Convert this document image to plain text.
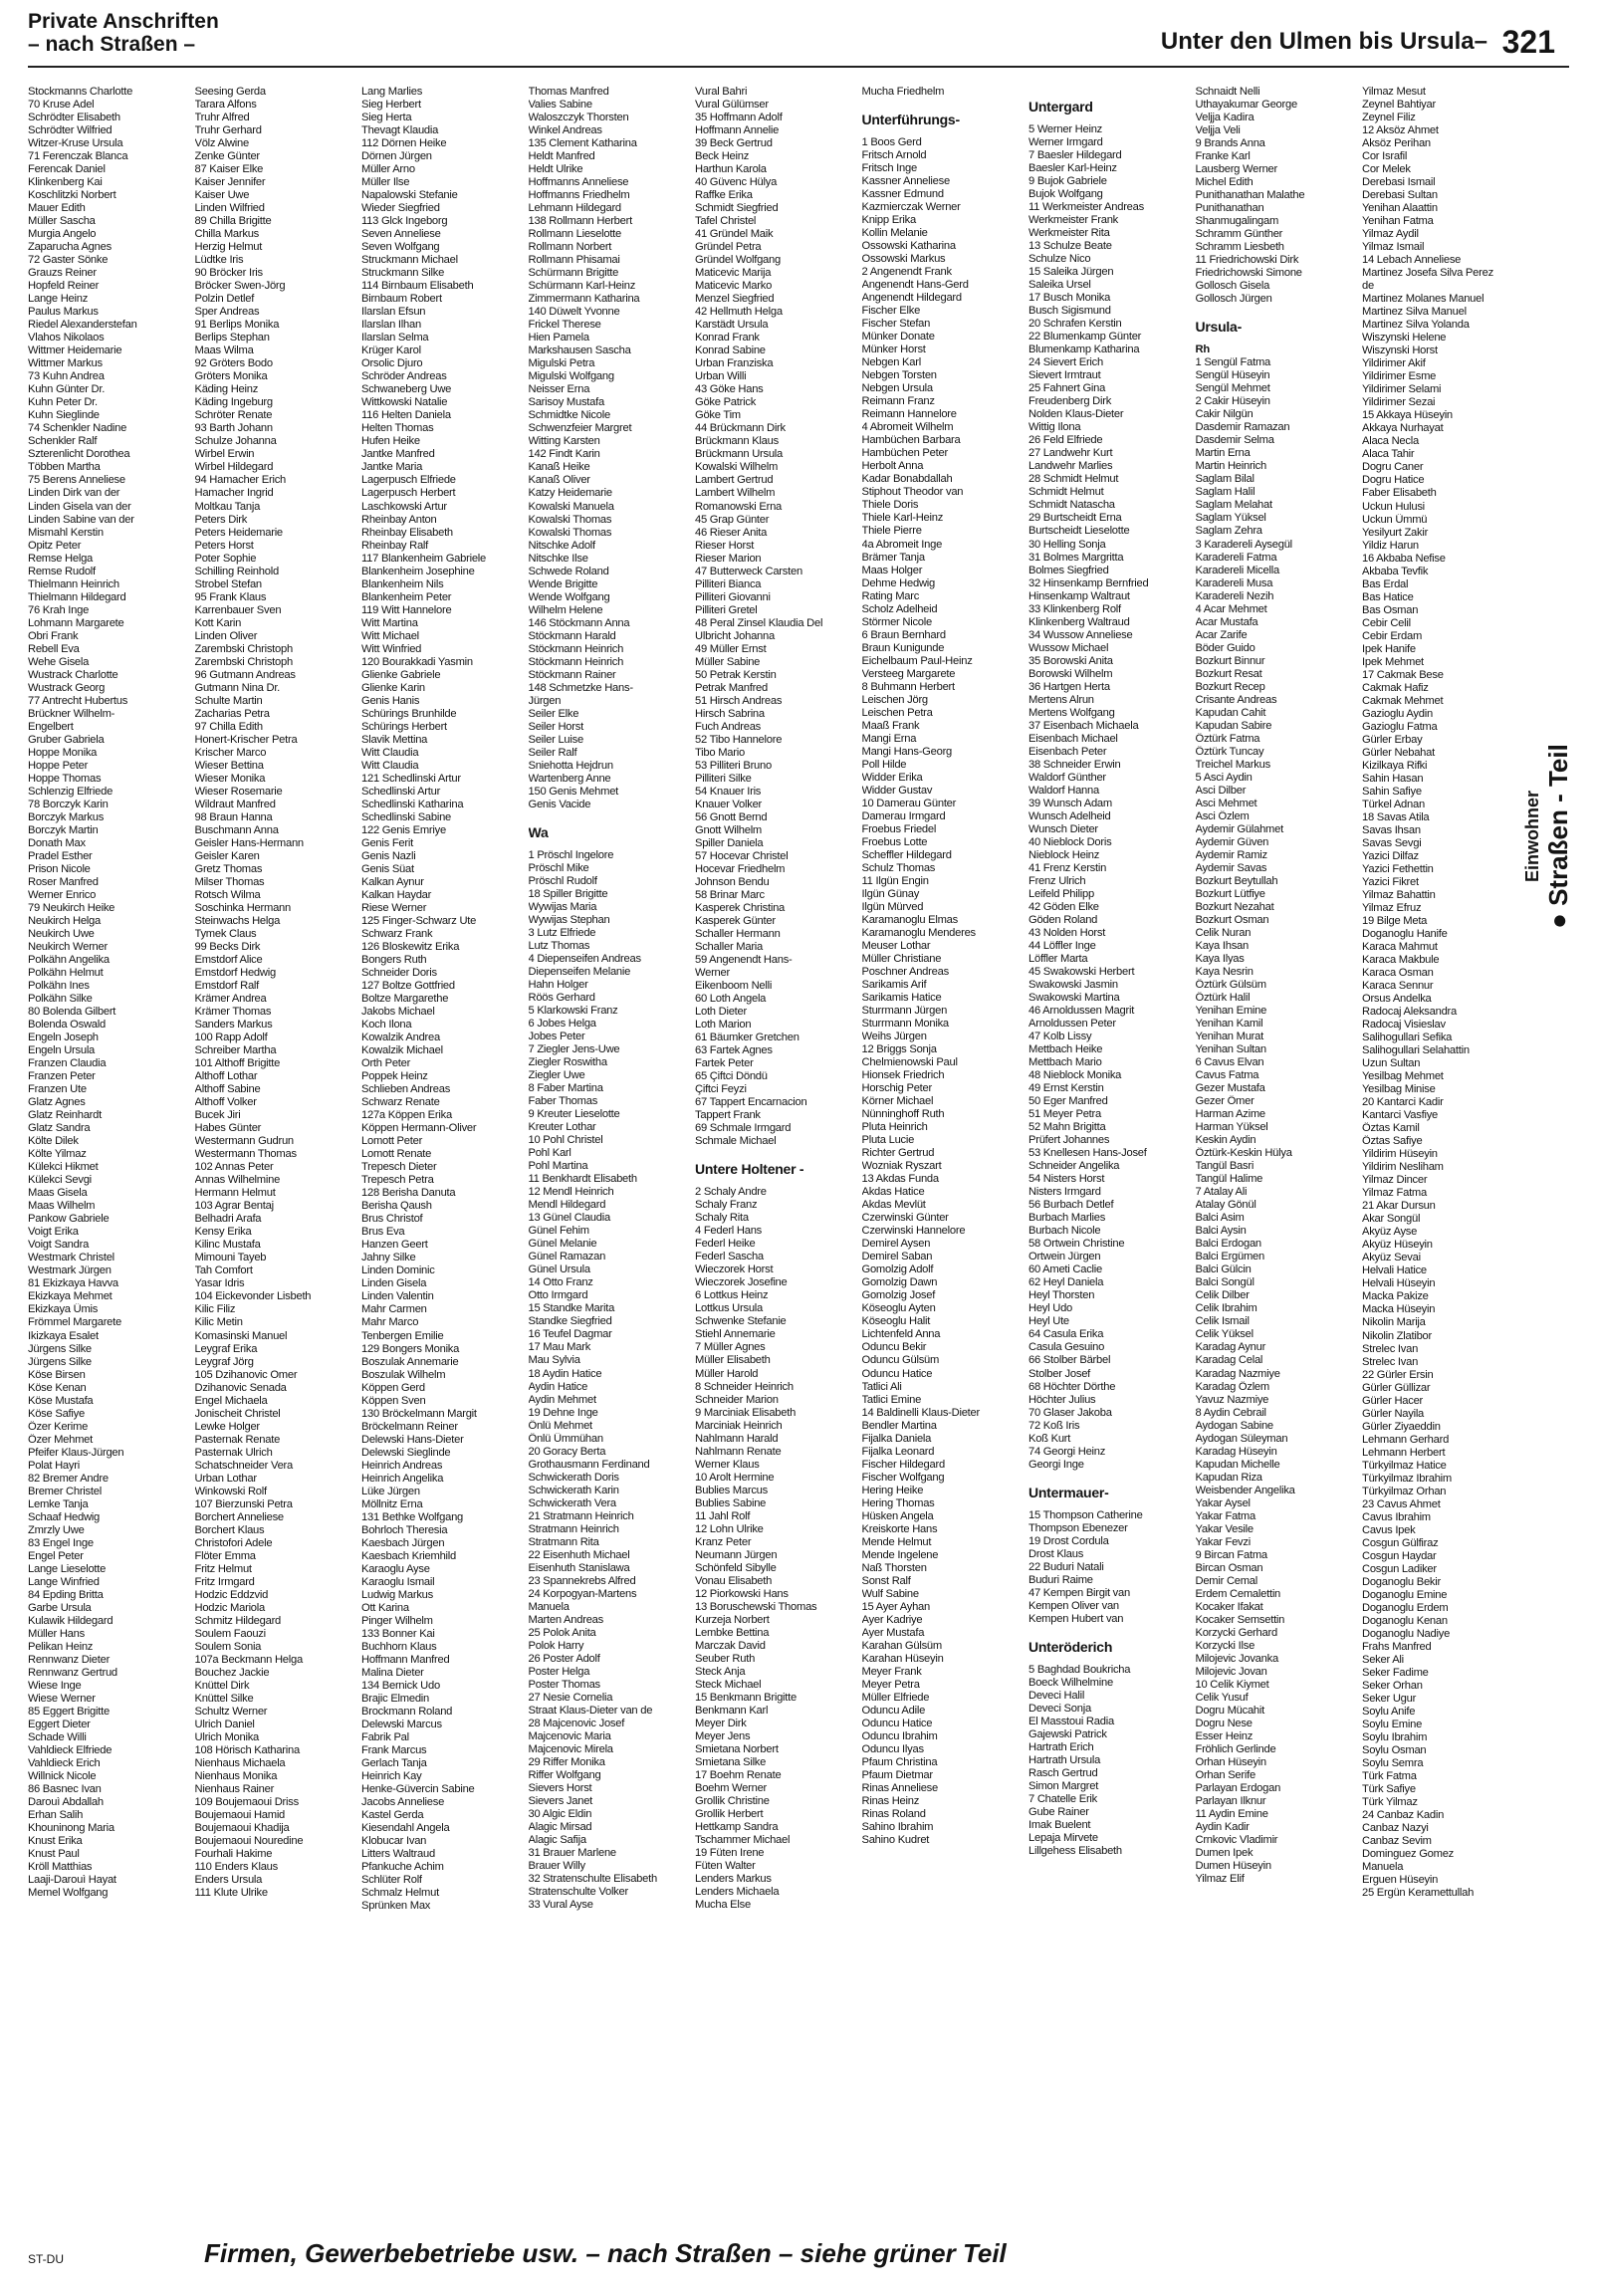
Private Anschriften
– nach Straßen –	Unter den Ulmen bis Ursula– 321
Stockmanns Charlotte
70 Kruse Adel
Schrödter Elisabeth
Schrödter Wilfried
Witzer-Kruse Ursula
71 Ferenczak Blanca
Ferencak Daniel
Klinkenberg Kai
Koschlitzki Norbert
Mauer Edith
Müller Sascha
Murgia Angelo
Zaparucha Agnes
72 Gaster Sönke
Grauzs Reiner
Hopfeld Reiner
Lange Heinz
Paulus Markus
Riedel Alexanderstefan
Vlahos Nikolaos
Wittmer Heidemarie
Wittmer Markus
73 Kuhn Andrea
Kuhn Günter Dr.
Kuhn Peter Dr.
Kuhn Sieglinde
74 Schenkler Nadine
Schenkler Ralf
Szterenlicht Dorothea
Többen Martha
75 Berens Anneliese
Linden Dirk van der
Linden Gisela van der
Linden Sabine van der
Mismahl Kerstin
Opitz Peter
Remse Helga
Remse Rudolf
Thielmann Heinrich
Thielmann Hildegard
76 Krah Inge
Lohmann Margarete
Obri Frank
Rebell Eva
Wehe Gisela
Wustrack Charlotte
Wustrack Georg
77 Antrecht Hubertus
Brückner Wilhelm-
Engelbert
Gruber Gabriela
Hoppe Monika
Hoppe Peter
Hoppe Thomas
Schlenzig Elfriede
78 Borczyk Karin
Borczyk Markus
Borczyk Martin
Donath Max
Pradel Esther
Prison Nicole
Roser Manfred
Werner Enrico
79 Neukirch Heike
Neukirch Helga
Neukirch Uwe
Neukirch Werner
Polkähn Angelika
Polkähn Helmut
Polkähn Ines
Polkähn Silke
80 Bolenda Gilbert
Bolenda Oswald
Engeln Joseph
Engeln Ursula
Franzen Claudia
Franzen Peter
Franzen Ute
Glatz Agnes
Glatz Reinhardt
Glatz Sandra
Költe Dilek
Költe Yilmaz
Külekci Hikmet
Külekci Sevgi
Maas Gisela
Maas Wilhelm
Pankow Gabriele
Voigt Erika
Voigt Sandra
Westmark Christel
Westmark Jürgen
81 Ekizkaya Havva
Ekizkaya Mehmet
Ekizkaya Ümis
Frömmel Margarete
Ikizkaya Esalet
Jürgens Silke
Jürgens Silke
Köse Birsen
Köse Kenan
Köse Mustafa
Köse Safiye
Özer Kerime
Özer Mehmet
Pfeifer Klaus-Jürgen
Polat Hayri
82 Bremer Andre
Bremer Christel
Lemke Tanja
Schaaf Hedwig
Zmrzly Uwe
83 Engel Inge
Engel Peter
Lange Lieselotte
Lange Winfried
84 Epding Britta
Garbe Ursula
Kulawik Hildegard
Müller Hans
Pelikan Heinz
Rennwanz Dieter
Rennwanz Gertrud
Wiese Inge
Wiese Werner
85 Eggert Brigitte
Eggert Dieter
Schade Willi
Vahldieck Elfriede
Vahldieck Erich
Willnick Nicole
86 Basnec Ivan
Darouì Abdallah
Erhan Salih
Khouninong Maria
Knust Erika
Knust Paul
Kröll Matthias
Laaji-Darouì Hayat
Memel Wolfgang
Seesing Gerda
Tarara Alfons
Truhr Alfred
Truhr Gerhard
Völz Alwine
Zenke Günter
87 Kaiser Elke
Kaiser Jennifer
Kaiser Uwe
Linden Wilfried
89 Chilla Brigitte
Chilla Markus
Herzig Helmut
Lüdtke Iris
90 Bröcker Iris
Bröcker Swen-Jörg
Polzin Detlef
Sper Andreas
91 Berlips Monika
Berlips Stephan
Maas Wilma
92 Gröters Bodo
Gröters Monika
Käding Heinz
Käding Ingeburg
Schröter Renate
93 Barth Johann
Schulze Johanna
Wirbel Erwin
Wirbel Hildegard
94 Hamacher Erich
Hamacher Ingrid
Moltkau Tanja
Peters Dirk
Peters Heidemarie
Peters Horst
Poter Sophie
Schilling Reinhold
Strobel Stefan
95 Frank Klaus
Karrenbauer Sven
Kott Karin
Linden Oliver
Zarembski Christoph
Zarembski Christoph
96 Gutmann Andreas
Gutmann Nina Dr.
Schulte Martin
Zacharias Petra
97 Chilla Edith
Honert-Krischer Petra
Krischer Marco
Wieser Bettina
Wieser Monika
Wieser Rosemarie
Wildraut Manfred
98 Braun Hanna
Buschmann Anna
Geisler Hans-Hermann
Geisler Karen
Gretz Thomas
Milser Thomas
Rotsch Wilma
Soschinka Hermann
Steinwachs Helga
Tymek Claus
99 Becks Dirk
Emstdorf Alice
Emstdorf Hedwig
Emstdorf Ralf
Krämer Andrea
Krämer Thomas
Sanders Markus
100 Rapp Adolf
Schreiber Martha
101 Althoff Brigitte
Althoff Lothar
Althoff Sabine
Althoff Volker
Bucek Jiri
Habes Günter
Westermann Gudrun
Westermann Thomas
102 Annas Peter
Annas Wilhelmine
Hermann Helmut
103 Agrar Bentaj
Belhadri Arafa
Kensy Erika
Kilinc Mustafa
Mimouni Tayeb
Tah Comfort
Yasar Idris
104 Eickevonder Lisbeth
Kilic Filiz
Kilic Metin
Komasinski Manuel
Leygraf Erika
Leygraf Jörg
105 Dzihanovic Omer
Dzihanovic Senada
Engel Michaela
Jonischeit Christel
Lewke Holger
Pasternak Renate
Pasternak Ulrich
Schatschneider Vera
Urban Lothar
Winkowski Rolf
107 Bierzunski Petra
Borchert Anneliese
Borchert Klaus
Christofori Adele
Flöter Emma
Fritz Helmut
Fritz Irmgard
Hodzic Eddzvid
Hodzic Mariola
Schmitz Hildegard
Soulem Faouzi
Soulem Sonia
107a Beckmann Helga
Bouchez Jackie
Knüttel Dirk
Knüttel Silke
Schultz Werner
Ulrich Daniel
Ulrich Monika
108 Hörisch Katharina
Nienhaus Michaela
Nienhaus Monika
Nienhaus Rainer
109 Boujemaoui Driss
Boujemaoui Hamid
Boujemaoui Khadija
Boujemaoui Nouredine
Fourhali Hakime
110 Enders Klaus
Enders Ursula
111 Klute Ulrike
Lang Marlies
Sieg Herbert
Sieg Herta
Thevagt Klaudia
112 Dörnen Heike
Dörnen Jürgen
Müller Arno
Müller Ilse
Napalowski Stefanie
Wieder Siegfried
113 Glck Ingeborg
Seven Anneliese
Seven Wolfgang
Struckmann Michael
Struckmann Silke
114 Birnbaum Elisabeth
Birnbaum Robert
Ilarslan Efsun
Ilarslan Ilhan
Ilarslan Selma
Krüger Karol
Orsolic Djuro
Schröder Andreas
Schwaneberg Uwe
Wittkowski Natalie
116 Helten Daniela
Helten Thomas
Hufen Heike
Jantke Manfred
Jantke Maria
Lagerpusch Elfriede
Lagerpusch Herbert
Laschkowski Artur
Rheinbay Anton
Rheinbay Elisabeth
Rheinbay Ralf
117 Blankenheim Gabriele
Blankenheim Josephine
Blankenheim Nils
Blankenheim Peter
119 Witt Hannelore
Witt Martina
Witt Michael
Witt Winfried
120 Bourakkadi Yasmin
Glienke Gabriele
Glienke Karin
Genis Hanis
Schürings Brunhilde
Schürings Herbert
Slavik Mettina
Witt Claudia
Witt Claudia
121 Schedlinski Artur
Schedlinski Artur
Schedlinski Katharina
Schedlinski Sabine
122 Genis Emriye
Genis Ferit
Genis Nazli
Genis Süat
Kalkan Aynur
Kalkan Haydar
Riese Werner
125 Finger-Schwarz Ute
Schwarz Frank
126 Bloskewitz Erika
Bongers Ruth
Schneider Doris
127 Boltze Gottfried
Boltze Margarethe
Jakobs Michael
Koch Ilona
Kowalzik Andrea
Kowalzik Michael
Orth Peter
Poppek Heinz
Schlieben Andreas
Schwarz Renate
127a Köppen Erika
Köppen Hermann-Oliver
Lomott Peter
Lomott Renate
Trepesch Dieter
Trepesch Petra
128 Berisha Danuta
Berisha Qaush
Brus Christof
Brus Eva
Hanzen Geert
Jahny Silke
Linden Dominic
Linden Gisela
Linden Valentin
Mahr Carmen
Mahr Marco
Tenbergen Emilie
129 Bongers Monika
Boszulak Annemarie
Boszulak Wilhelm
Köppen Gerd
Köppen Sven
130 Bröckelmann Margit
Bröckelmann Reiner
Delewski Hans-Dieter
Delewski Sieglinde
Heinrich Andreas
Heinrich Angelika
Lüke Jürgen
Möllnitz Erna
131 Bethke Wolfgang
Bohrloch Theresia
Kaesbach Jürgen
Kaesbach Kriemhild
Karaoglu Ayse
Karaoglu Ismail
Ludwig Markus
Ott Karina
Pinger Wilhelm
133 Bonner Kai
Buchhorn Klaus
Hoffmann Manfred
Malina Dieter
134 Bernick Udo
Brajic Elmedin
Brockmann Roland
Delewski Marcus
Fabrik Pal
Frank Marcus
Gerlach Tanja
Heinrich Kay
Henke-Güvercin Sabine
Jacobs Anneliese
Kastel Gerda
Kiesendahl Angela
Klobucar Ivan
Litters Waltraud
Pfankuche Achim
Schlüter Rolf
Schmalz Helmut
Sprünken Max
Thomas Manfred
Valies Sabine
Waloszczyk Thorsten
Winkel Andreas
135 Clement Katharina
Heldt Manfred
Heldt Ulrike
Hoffmanns Anneliese
Hoffmanns Friedhelm
Lehmann Hildegard
138 Rollmann Herbert
Rollmann Lieselotte
Rollmann Norbert
Rollmann Phisamai
Schürmann Brigitte
Schürmann Karl-Heinz
Zimmermann Katharina
140 Düwelt Yvonne
Frickel Therese
Hien Pamela
Markshausen Sascha
Migulski Petra
Migulski Wolfgang
Neisser Erna
Sarisoy Mustafa
Schmidtke Nicole
Schwenzfeier Margret
Witting Karsten
142 Findt Karin
Kanaß Heike
Kanaß Oliver
Katzy Heidemarie
Kowalski Manuela
Kowalski Thomas
Kowalski Thomas
Nitschke Adolf
Nitschke Ilse
Schwede Roland
Wende Brigitte
Wende Wolfgang
Wilhelm Helene
146 Stöckmann Anna
Stöckmann Harald
Stöckmann Heinrich
Stöckmann Heinrich
Stöckmann Rainer
148 Schmetzke Hans-
Jürgen
Seiler Elke
Seiler Horst
Seiler Luise
Seiler Ralf
Sniehotta Hejdrun
Wartenberg Anne
150 Genis Mehmet
Genis Vacide
Wa
1 Pröschl Ingelore
Pröschl Mike
Pröschl Rudolf
18 Spiller Brigitte
Wywijas Maria
Wywijas Stephan
3 Lutz Elfriede
Lutz Thomas
4 Diepenseifen Andreas
Diepenseifen Melanie
Hahn Holger
Röös Gerhard
5 Klarkowski Franz
6 Jobes Helga
Jobes Peter
7 Ziegler Jens-Uwe
Ziegler Roswitha
Ziegler Uwe
8 Faber Martina
Faber Thomas
9 Kreuter Lieselotte
Kreuter Lothar
10 Pohl Christel
Pohl Karl
Pohl Martina
11 Benkhardt Elisabeth
12 Mendl Heinrich
Mendl Hildegard
13 Günel Claudia
Günel Fehim
Günel Melanie
Günel Ramazan
Günel Ursula
14 Otto Franz
Otto Irmgard
15 Standke Marita
Standke Siegfried
16 Teufel Dagmar
17 Mau Mark
Mau Sylvia
18 Aydin Hatice
Aydin Hatice
Aydin Mehmet
19 Dehne Inge
Önlü Mehmet
Önlü Ümmühan
20 Goracy Berta
Grothausmann Ferdinand
Schwickerath Doris
Schwickerath Karin
Schwickerath Vera
21 Stratmann Heinrich
Stratmann Heinrich
Stratmann Rita
22 Eisenhuth Michael
Eisenhuth Stanislawa
23 Spannekrebs Alfred
24 Korpogyan-Martens
Manuela
Marten Andreas
25 Polok Anita
Polok Harry
26 Poster Adolf
Poster Helga
Poster Thomas
27 Nesie Cornelia
Straat Klaus-Dieter van de
28 Majcenovic Josef
Majcenovic Maria
Majcenovic Mirela
29 Riffer Monika
Riffer Wolfgang
Sievers Horst
Sievers Janet
30 Algic Eldin
Alagic Mirsad
Alagic Safija
31 Brauer Marlene
Brauer Willy
32 Stratenschulte Elisabeth
Stratenschulte Volker
33 Vural Ayse
Vural Bahri
Vural Gülümser
35 Hoffmann Adolf
Hoffmann Annelie
39 Beck Gertrud
Beck Heinz
Harthun Karola
40 Güvenc Hülya
Raffke Erika
Schmidt Siegfried
Tafel Christel
41 Gründel Maik
Gründel Petra
Gründel Wolfgang
Maticevic Marija
Maticevic Marko
Menzel Siegfried
42 Hellmuth Helga
Karstädt Ursula
Konrad Frank
Konrad Sabine
Urban Franziska
Urban Willi
43 Göke Hans
Göke Patrick
Göke Tim
44 Brückmann Dirk
Brückmann Klaus
Brückmann Ursula
Kowalski Wilhelm
Lambert Gertrud
Lambert Wilhelm
Romanowski Erna
45 Grap Günter
46 Rieser Anita
Rieser Horst
Rieser Marion
47 Butterweck Carsten
Pilliteri Bianca
Pilliteri Giovanni
Pilliteri Gretel
48 Peral Zinsel Klaudia Del
Ulbricht Johanna
49 Müller Ernst
Müller Sabine
50 Petrak Kerstin
Petrak Manfred
51 Hirsch Andreas
Hirsch Sabrina
Fuch Andreas
52 Tibo Hannelore
Tibo Mario
53 Pilliteri Bruno
Pilliteri Silke
54 Knauer Iris
Knauer Volker
56 Gnott Bernd
Gnott Wilhelm
Spiller Daniela
57 Hocevar Christel
Hocevar Friedhelm
Johnson Bendu
58 Brinar Marc
Kasperek Christina
Kasperek Günter
Schaller Hermann
Schaller Maria
59 Angenendt Hans-
Werner
Eikenboom Nelli
60 Loth Angela
Loth Dieter
Loth Marion
61 Bäumker Gretchen
63 Fartek Agnes
Fartek Peter
65 Çiftci Döndü
Çiftci Feyzi
67 Tappert Encarnacion
Tappert Frank
69 Schmale Irmgard
Schmale Michael
Untere Holtener -
2 Schaly Andre
Schaly Franz
Schaly Rita
4 Federl Hans
Federl Heike
Federl Sascha
Wieczorek Horst
Wieczorek Josefine
6 Lottkus Heinz
Lottkus Ursula
Schwenke Stefanie
Stiehl Annemarie
7 Müller Agnes
Müller Elisabeth
Müller Harold
8 Schneider Heinrich
Schneider Marion
9 Marciniak Elisabeth
Marciniak Heinrich
Nahlmann Harald
Nahlmann Renate
Werner Klaus
10 Arolt Hermine
Bublies Marcus
Bublies Sabine
11 Jahl Rolf
12 Lohn Ulrike
Kranz Peter
Neumann Jürgen
Schönfeld Sibylle
Vonau Elisabeth
12 Piorkowski Hans
13 Boruschewski Thomas
Kurzeja Norbert
Lembke Bettina
Marczak David
Seuber Ruth
Steck Anja
Steck Michael
15 Benkmann Brigitte
Benkmann Karl
Meyer Dirk
Meyer Jens
Smietana Norbert
Smietana Silke
17 Boehm Renate
Boehm Werner
Grollik Christine
Grollik Herbert
Hettkamp Sandra
Tschammer Michael
19 Füten Irene
Füten Walter
Lenders Markus
Lenders Michaela
Mucha Else
Mucha Friedhelm
Unterführungs-
1 Boos Gerd
Fritsch Arnold
Fritsch Inge
Kassner Anneliese
Kassner Edmund
Kazmierczak Werner
Knipp Erika
Kollin Melanie
Ossowski Katharina
Ossowski Markus
2 Angenendt Frank
Angenendt Hans-Gerd
Angenendt Hildegard
Fischer Elke
Fischer Stefan
Münker Donate
Münker Horst
Nebgen Karl
Nebgen Torsten
Nebgen Ursula
Reimann Franz
Reimann Hannelore
4 Abromeit Wilhelm
Hambüchen Barbara
Hambüchen Peter
Herbolt Anna
Kadar Bonabdallah
Stiphout Theodor van
Thiele Doris
Thiele Karl-Heinz
Thiele Pierre
4a Abromeit Inge
Brämer Tanja
Maas Holger
Dehme Hedwig
Rating Marc
Scholz Adelheid
Störmer Nicole
6 Braun Bernhard
Braun Kunigunde
Eichelbaum Paul-Heinz
Versteeg Margarete
8 Buhmann Herbert
Leischen Jörg
Leischen Petra
Maaß Frank
Mangi Erna
Mangi Hans-Georg
Poll Hilde
Widder Erika
Widder Gustav
10 Damerau Günter
Damerau Irmgard
Froebus Friedel
Froebus Lotte
Scheffler Hildegard
Schulz Thomas
11 Ilgün Engin
Ilgün Günay
Ilgün Mürved
Karamanoglu Elmas
Karamanoglu Menderes
Meuser Lothar
Müller Christiane
Poschner Andreas
Sarikamis Arif
Sarikamis Hatice
Sturrmann Jürgen
Sturrmann Monika
Weihs Jürgen
12 Briggs Sonja
Chelmienowski Paul
Hionsek Friedrich
Horschig Peter
Körner Michael
Nünninghoff Ruth
Pluta Heinrich
Pluta Lucie
Richter Gertrud
Wozniak Ryszart
13 Akdas Funda
Akdas Hatice
Akdas Mevlüt
Czerwinski Günter
Czerwinski Hannelore
Demirel Aysen
Demirel Saban
Gomolzig Adolf
Gomolzig Dawn
Gomolzig Josef
Köseoglu Ayten
Köseoglu Halit
Lichtenfeld Anna
Oduncu Bekir
Oduncu Gülsüm
Oduncu Hatice
Tatlici Ali
Tatlici Emine
14 Baldinelli Klaus-Dieter
Bendler Martina
Fijalka Daniela
Fijalka Leonard
Fischer Hildegard
Fischer Wolfgang
Hering Heike
Hering Thomas
Hüsken Angela
Kreiskorte Hans
Mende Helmut
Mende Ingelene
Naß Thorsten
Sonst Ralf
Wulf Sabine
15 Ayer Ayhan
Ayer Kadriye
Ayer Mustafa
Karahan Gülsüm
Karahan Hüseyin
Meyer Frank
Meyer Petra
Müller Elfriede
Oduncu Adile
Oduncu Hatice
Oduncu Ibrahim
Oduncu Ilyas
Pfaum Christina
Pfaum Dietmar
Rinas Anneliese
Rinas Heinz
Rinas Roland
Sahino Ibrahim
Sahino Kudret
Untergard
5 Werner Heinz
Werner Irmgard
7 Baesler Hildegard
Baesler Karl-Heinz
9 Bujok Gabriele
Bujok Wolfgang
11 Werkmeister Andreas
Werkmeister Frank
Werkmeister Rita
13 Schulze Beate
Schulze Nico
15 Saleika Jürgen
Saleika Ursel
17 Busch Monika
Busch Sigismund
20 Schrafen Kerstin
22 Blumenkamp Günter
Blumenkamp Katharina
24 Sievert Erich
Sievert Irmtraut
25 Fahnert Gina
Freudenberg Dirk
Nolden Klaus-Dieter
Wittig Ilona
26 Feld Elfriede
27 Landwehr Kurt
Landwehr Marlies
28 Schmidt Helmut
Schmidt Helmut
Schmidt Natascha
29 Burtscheidt Erna
Burtscheidt Lieselotte
30 Helling Sonja
31 Bolmes Margritta
Bolmes Siegfried
32 Hinsenkamp Bernfried
Hinsenkamp Waltraut
33 Klinkenberg Rolf
Klinkenberg Waltraud
34 Wussow Anneliese
Wussow Michael
35 Borowski Anita
Borowski Wilhelm
36 Hartgen Herta
Mertens Alrun
Mertens Wolfgang
37 Eisenbach Michaela
Eisenbach Michael
Eisenbach Peter
38 Schneider Erwin
Waldorf Günther
Waldorf Hanna
39 Wunsch Adam
Wunsch Adelheid
Wunsch Dieter
40 Nieblock Doris
Nieblock Heinz
41 Frenz Kerstin
Frenz Ulrich
Leifeld Philipp
42 Göden Elke
Göden Roland
43 Nolden Horst
44 Löffler Inge
Löffler Marta
45 Swakowski Herbert
Swakowski Jasmin
Swakowski Martina
46 Arnoldussen Magrit
Arnoldussen Peter
47 Kolb Lissy
Mettbach Heike
Mettbach Mario
48 Nieblock Monika
49 Ernst Kerstin
50 Eger Manfred
51 Meyer Petra
52 Mahn Brigitta
Prüfert Johannes
53 Knellesen Hans-Josef
Schneider Angelika
54 Nisters Horst
Nisters Irmgard
56 Burbach Detlef
Burbach Marlies
Burbach Nicole
58 Ortwein Christine
Ortwein Jürgen
60 Ameti Caclie
62 Heyl Daniela
Heyl Thorsten
Heyl Udo
Heyl Ute
64 Casula Erika
Casula Gesuino
66 Stolber Bärbel
Stolber Josef
68 Höchter Dörthe
Höchter Julius
70 Glaser Jakoba
72 Koß Iris
Koß Kurt
74 Georgi Heinz
Georgi Inge
Untermauer-
15 Thompson Catherine
Thompson Ebenezer
19 Drost Cordula
Drost Klaus
22 Buduri Natali
Buduri Raime
47 Kempen Birgit van
Kempen Oliver van
Kempen Hubert van
Unteröderich
5 Baghdad Boukricha
Boeck Wilhelmine
Deveci Halil
Deveci Sonja
El Masstoui Radia
Gajewski Patrick
Hartrath Erich
Hartrath Ursula
Rasch Gertrud
Simon Margret
7 Chatelle Erik
Gube Rainer
Imak Buelent
Lepaja Mirvete
Lillgehess Elisabeth
Schnaidt Nelli
Uthayakumar George
Veljja Kadira
Veljja Veli
9 Brands Anna
Franke Karl
Lausberg Werner
Michel Edith
Punithanathan Malathe
Punithanathan
Shanmugalingam
Schramm Günther
Schramm Liesbeth
11 Friedrichowski Dirk
Friedrichowski Simone
Gollosch Gisela
Gollosch Jürgen
Ursula-
Rh
1 Sengül Fatma
Sengül Hüseyin
Sengül Mehmet
2 Cakir Hüseyin
Cakir Nilgün
Dasdemir Ramazan
Dasdemir Selma
Martin Erna
Martin Heinrich
Saglam Bilal
Saglam Halil
Saglam Melahat
Saglam Yüksel
Saglam Zehra
3 Karadereli Aysegül
Karadereli Fatma
Karadereli Micella
Karadereli Musa
Karadereli Nezih
4 Acar Mehmet
Acar Mustafa
Acar Zarife
Böder Guido
Bozkurt Binnur
Bozkurt Resat
Bozkurt Recep
Crisante Andreas
Kapudan Cahit
Kapudan Sabire
Öztürk Fatma
Öztürk Tuncay
Treichel Markus
5 Asci Aydin
Asci Dilber
Asci Mehmet
Asci Özlem
Aydemir Gülahmet
Aydemir Güven
Aydemir Ramiz
Aydemir Savas
Bozkurt Beytullah
Bozkurt Lütfiye
Bozkurt Nezahat
Bozkurt Osman
Celik Nuran
Kaya Ihsan
Kaya Ilyas
Kaya Nesrin
Öztürk Gülsüm
Öztürk Halil
Yenihan Emine
Yenihan Kamil
Yenihan Murat
Yenihan Sultan
6 Cavus Elvan
Cavus Fatma
Gezer Mustafa
Gezer Ömer
Harman Azime
Harman Yüksel
Keskin Aydin
Öztürk-Keskin Hülya
Tangül Basri
Tangül Halime
7 Atalay Ali
Atalay Gönül
Balci Asim
Balci Aysin
Balci Erdogan
Balci Ergümen
Balci Gülcin
Balci Songül
Celik Dilber
Celik Ibrahim
Celik Ismail
Celik Yüksel
Karadag Aynur
Karadag Celal
Karadag Nazmiye
Karadag Özlem
Yavuz Nazmiye
8 Aydin Cebrail
Aydogan Sabine
Aydogan Süleyman
Karadag Hüseyin
Kapudan Michelle
Kapudan Riza
Weisbender Angelika
Yakar Aysel
Yakar Fatma
Yakar Vesile
Yakar Fevzi
9 Bircan Fatma
Bircan Osman
Demir Cemal
Erdem Cemalettin
Kocaker Ifakat
Kocaker Semsettin
Korzycki Gerhard
Korzycki Ilse
Milojevic Jovanka
Milojevic Jovan
10 Celik Kiymet
Celik Yusuf
Dogru Mücahit
Dogru Nese
Esser Heinz
Fröhlich Gerlinde
Orhan Hüseyin
Orhan Serife
Parlayan Erdogan
Parlayan Ilknur
11 Aydin Emine
Aydin Kadir
Crnkovic Vladimir
Dumen Ipek
Dumen Hüseyin
Yilmaz Elif
Yilmaz Mesut
Zeynel Bahtiyar
Zeynel Filiz
12 Aksöz Ahmet
Aksöz Perihan
Cor Israfil
Cor Melek
Derebasi Ismail
Derebasi Sultan
Yenihan Alaattin
Yenihan Fatma
Yilmaz Aydil
Yilmaz Ismail
14 Lebach Anneliese
Martinez Josefa Silva Perez
de
Martinez Molanes Manuel
Martinez Silva Manuel
Martinez Silva Yolanda
Wiszynski Helene
Wiszynski Horst
Yildirimer Akif
Yildirimer Esme
Yildirimer Selami
Yildirimer Sezai
15 Akkaya Hüseyin
Akkaya Nurhayat
Alaca Necla
Alaca Tahir
Dogru Caner
Dogru Hatice
Faber Elisabeth
Uckun Hulusi
Uckun Ümmü
Yesilyurt Zakir
Yildiz Harun
16 Akbaba Nefise
Akbaba Tevfik
Bas Erdal
Bas Hatice
Bas Osman
Cebir Celil
Cebir Erdam
Ipek Hanife
Ipek Mehmet
17 Cakmak Bese
Cakmak Hafiz
Cakmak Mehmet
Gazioglu Aydin
Gazioglu Fatma
Gürler Erbay
Gürler Nebahat
Kizilkaya Rifki
Sahin Hasan
Sahin Safiye
Türkel Adnan
18 Savas Atila
Savas Ihsan
Savas Sevgi
Yazici Dilfaz
Yazici Fethettin
Yazici Fikret
Yilmaz Bahattin
Yilmaz Efruz
19 Bilge Meta
Doganoglu Hanife
Karaca Mahmut
Karaca Makbule
Karaca Osman
Karaca Sennur
Orsus Andelka
Radocaj Aleksandra
Radocaj Visieslav
Salihogullari Sefika
Salihogullari Selahattin
Uzun Sultan
Yesilbag Mehmet
Yesilbag Minise
20 Kantarci Kadir
Kantarci Vasfiye
Öztas Kamil
Öztas Safiye
Yildirim Hüseyin
Yildirim Nesliham
Yilmaz Dincer
Yilmaz Fatma
21 Akar Dursun
Akar Songül
Akyüz Ayse
Akyüz Hüseyin
Akyüz Sevai
Helvali Hatice
Helvali Hüseyin
Macka Pakize
Macka Hüseyin
Nikolin Marija
Nikolin Zlatibor
Strelec Ivan
Strelec Ivan
22 Gürler Ersin
Gürler Güllizar
Gürler Hacer
Gürler Nayila
Gürler Ziyaeddin
Lehmann Gerhard
Lehmann Herbert
Türkyilmaz Hatice
Türkyilmaz Ibrahim
Türkyilmaz Orhan
23 Cavus Ahmet
Cavus Ibrahim
Cavus Ipek
Cosgun Gülfiraz
Cosgun Haydar
Cosgun Ladiker
Doganoglu Bekir
Doganoglu Emine
Doganoglu Erdem
Doganoglu Kenan
Doganoglu Nadiye
Frahs Manfred
Seker Ali
Seker Fadime
Seker Orhan
Seker Ugur
Soylu Anife
Soylu Emine
Soylu Ibrahim
Soylu Osman
Soylu Semra
Türk Fatma
Türk Safiye
Türk Yilmaz
24 Canbaz Kadin
Canbaz Nazyi
Canbaz Sevim
Dominguez Gomez
Manuela
Erguen Hüseyin
25 Ergün Keramettullah
Einwohner ● Straßen - Teil
ST-DU	Firmen, Gewerbebetriebe usw. – nach Straßen – siehe grüner Teil
